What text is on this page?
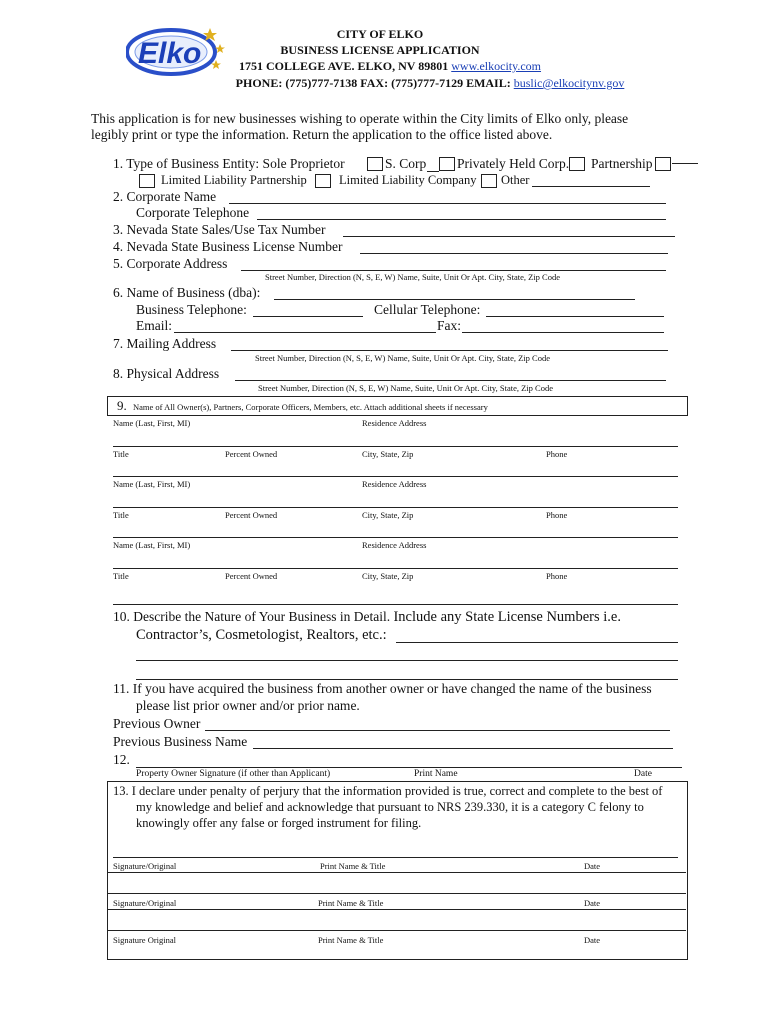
Elko
CITY OF ELKO
BUSINESS LICENSE APPLICATION
1751 COLLEGE AVE. ELKO, NV 89801 www.elkocity.com
PHONE: (775)777-7138 FAX: (775)777-7129 EMAIL: buslic@elkocitynv.gov
This application is for new businesses wishing to operate within the City limits of Elko only, please
legibly print or type the information. Return the application to the office listed above.
1. Type of Business Entity: Sole Proprietor	S. Corp Privately Held Corp. Partnership
Limited Liability Partnership	Limited Liability Company Other
2. Corporate Name
Corporate Telephone
3. Nevada State Sales/Use Tax Number
4. Nevada State Business License Number
5. Corporate Address
Street Number, Direction (N, S, E, W) Name, Suite, Unit Or Apt. City, State, Zip Code
6. Name of Business (dba):
Business Telephone:	Cellular Telephone:
Email:	Fax:
7. Mailing Address
Street Number, Direction (N, S, E, W) Name, Suite, Unit Or Apt. City, State, Zip Code
8. Physical Address
Street Number, Direction (N, S, E, W) Name, Suite, Unit Or Apt. City, State, Zip Code
9. Name of All Owner(s), Partners, Corporate Officers, Members, etc. Attach additional sheets if necessary
Name (Last, First, MI)	Residence Address
Title	Percent Owned	City, State, Zip	Phone
Name (Last, First, MI)	Residence Address
Title	Percent Owned	City, State, Zip	Phone
Name (Last, First, MI)	Residence Address
Title	Percent Owned	City, State, Zip	Phone
10. Describe the Nature of Your Business in Detail. Include any State License Numbers i.e.
Contractor’s, Cosmetologist, Realtors, etc.:
11. If you have acquired the business from another owner or have changed the name of the business
please list prior owner and/or prior name.
Previous Owner
Previous Business Name
12.
Property Owner Signature (if other than Applicant)	Print Name	Date
13. I declare under penalty of perjury that the information provided is true, correct and complete to the best of
my knowledge and belief and acknowledge that pursuant to NRS 239.330, it is a category C felony to
knowingly offer any false or forged instrument for filing.
Signature/Original	Print Name & Title	Date
Signature/Original	Print Name & Title	Date
Signature Original	Print Name & Title	Date
